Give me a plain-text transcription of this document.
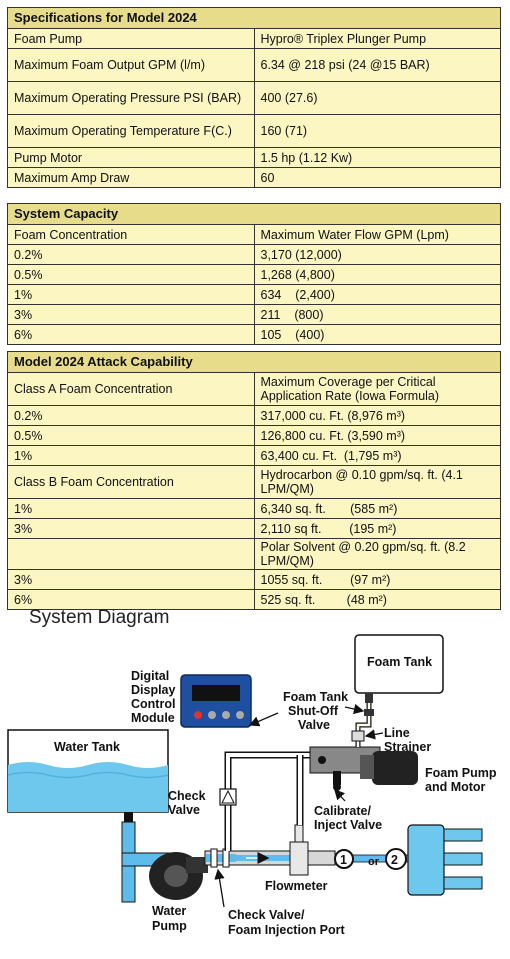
Specifications for Model 2024	
Foam Pump	Hypro® Triplex Plunger Pump
Maximum Foam Output GPM (l/m)	6.34 @ 218 psi (24 @15 BAR)
Maximum Operating Pressure PSI (BAR)	400 (27.6)
Maximum Operating Temperature F(C.)	160 (71)
Pump Motor	1.5 hp (1.12 Kw)
Maximum Amp Draw	60
System Capacity	
Foam Concentration	Maximum Water Flow GPM (Lpm)
0.2%	3,170 (12,000)
0.5%	1,268 (4,800)
1%	634    (2,400)
3%	211    (800)
6%	105    (400)
Model 2024 Attack Capability	
Class A Foam Concentration	Maximum Coverage per Critical Application Rate (Iowa Formula)
0.2%	317,000 cu. Ft. (8,976 m³)
0.5%	126,800 cu. Ft. (3,590 m³)
1%	63,400 cu. Ft.  (1,795 m³)
Class B Foam Concentration	Hydrocarbon @ 0.10 gpm/sq. ft. (4.1 LPM/QM)
1%	6,340 sq. ft.       (585 m²)
3%	2,110 sq ft.        (195 m²)
	Polar Solvent @ 0.20 gpm/sq. ft. (8.2 LPM/QM)
3%	1055 sq. ft.        (97 m²)
6%	525 sq. ft.         (48 m²)
System Diagram
Water Tank
Water
Pump
Flowmeter
1 or 2
Check
Valve
Foam Pump
and Motor
Calibrate/
Inject Valve
Foam Tank
Line
Strainer
Foam Tank
Shut-Off
Valve
Digital
Display
Control
Module
Check Valve/
Foam Injection Port
